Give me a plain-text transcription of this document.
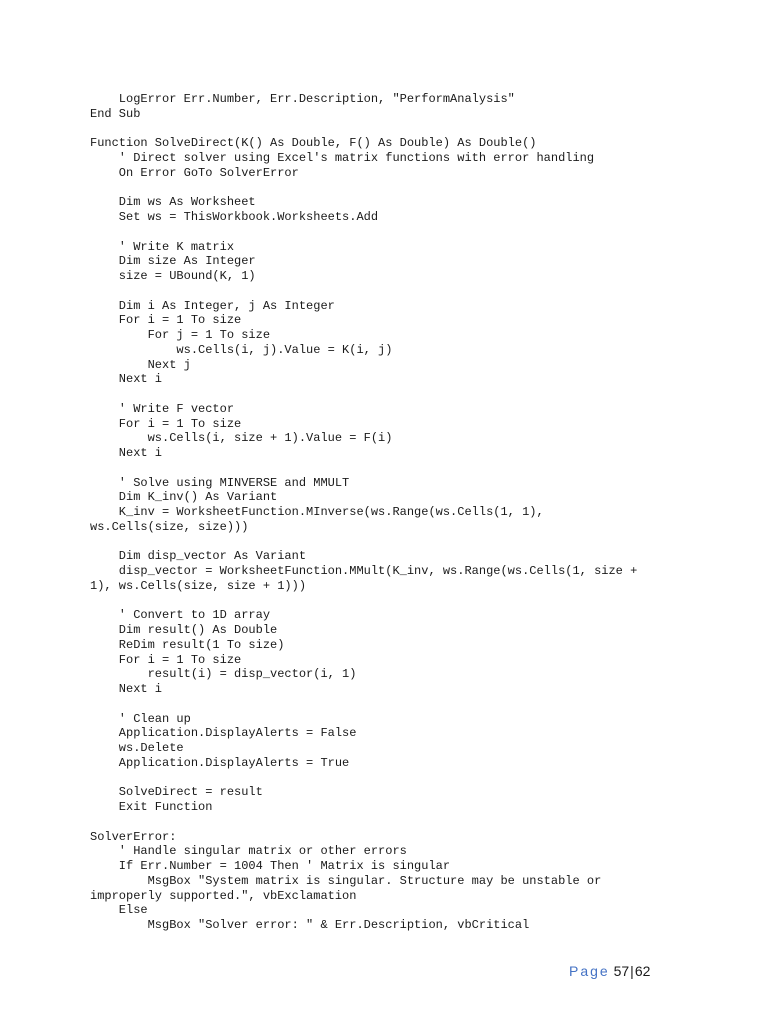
LogError Err.Number, Err.Description, "PerformAnalysis"
End Sub
Function SolveDirect(K() As Double, F() As Double) As Double()
' Direct solver using Excel's matrix functions with error handling
On Error GoTo SolverError
Dim ws As Worksheet
Set ws = ThisWorkbook.Worksheets.Add
' Write K matrix
Dim size As Integer
size = UBound(K, 1)
Dim i As Integer, j As Integer
For i = 1 To size
For j = 1 To size
ws.Cells(i, j).Value = K(i, j)
Next j
Next i
' Write F vector
For i = 1 To size
ws.Cells(i, size + 1).Value = F(i)
Next i
' Solve using MINVERSE and MMULT
Dim K_inv() As Variant
K_inv = WorksheetFunction.MInverse(ws.Range(ws.Cells(1, 1),
ws.Cells(size, size)))
Dim disp_vector As Variant
disp_vector = WorksheetFunction.MMult(K_inv, ws.Range(ws.Cells(1, size +
1), ws.Cells(size, size + 1)))
' Convert to 1D array
Dim result() As Double
ReDim result(1 To size)
For i = 1 To size
result(i) = disp_vector(i, 1)
Next i
' Clean up
Application.DisplayAlerts = False
ws.Delete
Application.DisplayAlerts = True
SolveDirect = result
Exit Function
SolverError:
' Handle singular matrix or other errors
If Err.Number = 1004 Then ' Matrix is singular
MsgBox "System matrix is singular. Structure may be unstable or
improperly supported.", vbExclamation
Else
MsgBox "Solver error: " & Err.Description, vbCritical
Page 57|62
